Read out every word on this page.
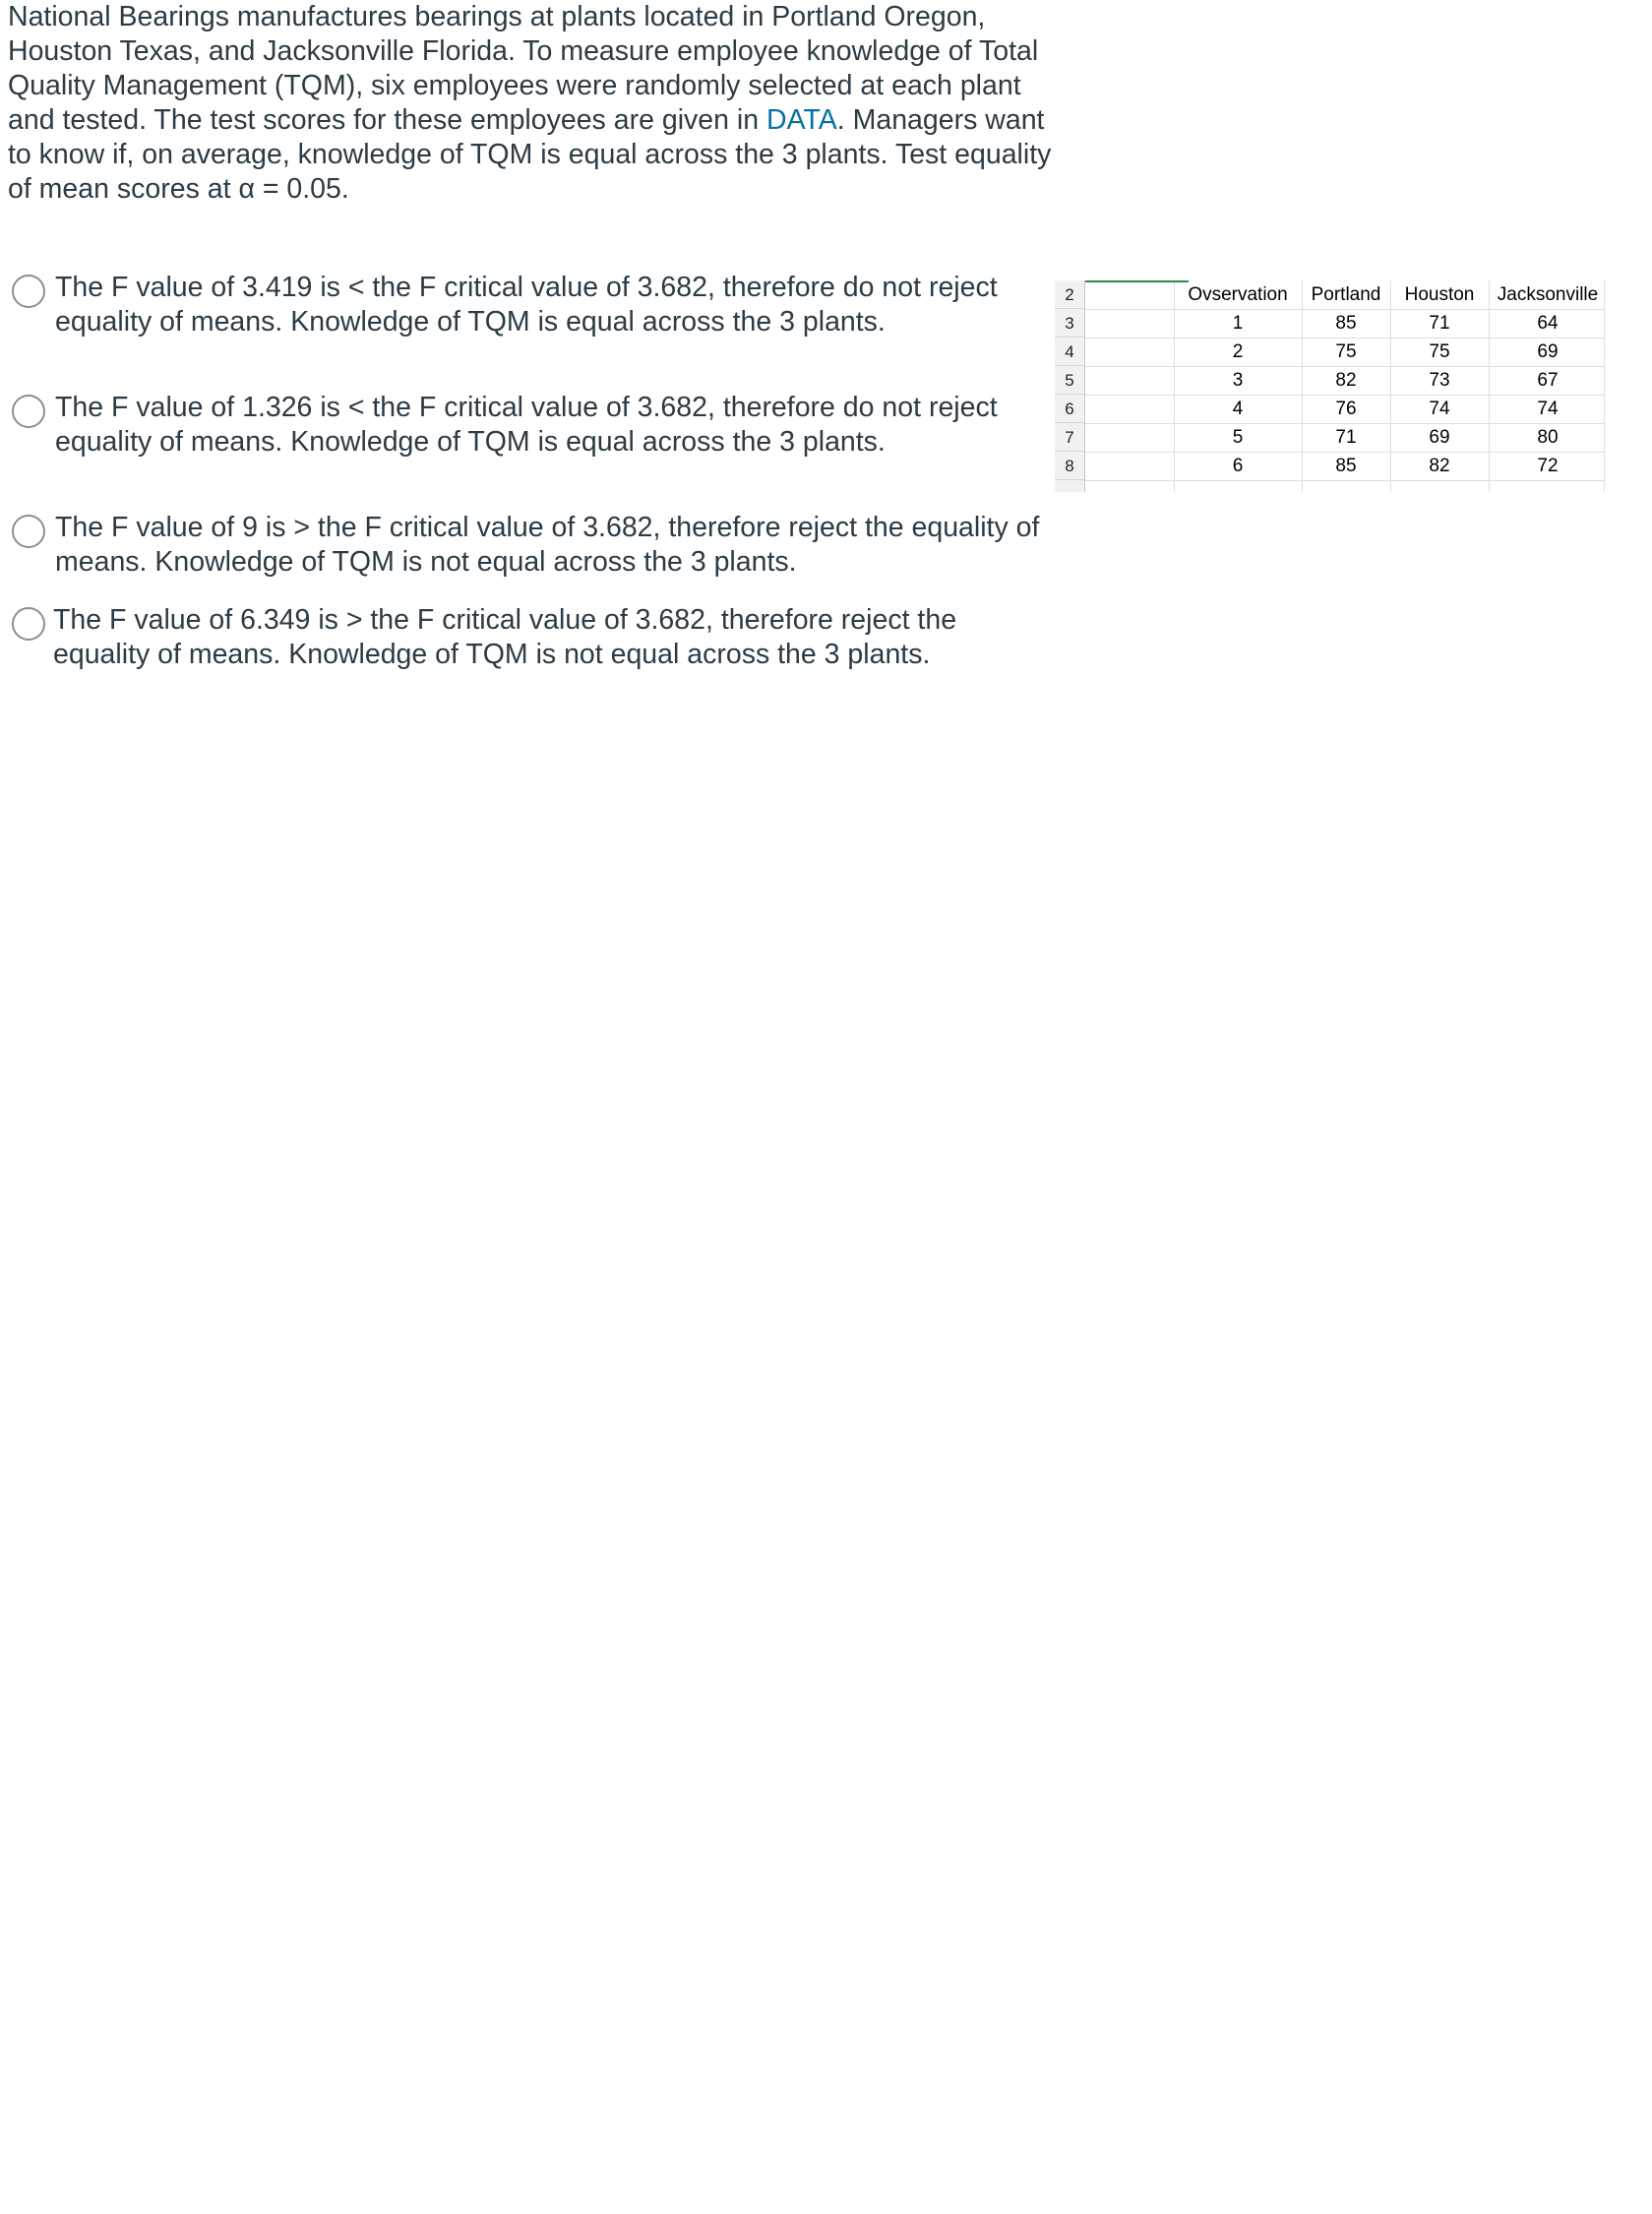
National Bearings manufactures bearings at plants located in Portland Oregon,
Houston Texas, and Jacksonville Florida. To measure employee knowledge of Total
Quality Management (TQM), six employees were randomly selected at each plant
and tested. The test scores for these employees are given in DATA. Managers want
to know if, on average, knowledge of TQM is equal across the 3 plants. Test equality
of mean scores at α = 0.05.
The F value of 3.419 is < the F critical value of 3.682, therefore do not reject
equality of means. Knowledge of TQM is equal across the 3 plants.
The F value of 1.326 is < the F critical value of 3.682, therefore do not reject
equality of means. Knowledge of TQM is equal across the 3 plants.
The F value of 9 is > the F critical value of 3.682, therefore reject the equality of
means. Knowledge of TQM is not equal across the 3 plants.
The F value of 6.349 is > the F critical value of 3.682, therefore reject the
equality of means. Knowledge of TQM is not equal across the 3 plants.
2
3
4
5
6
7
8
Ovservation	Portland	Houston	Jacksonville
1	85	71	64
2	75	75	69
3	82	73	67
4	76	74	74
5	71	69	80
6	85	82	72
